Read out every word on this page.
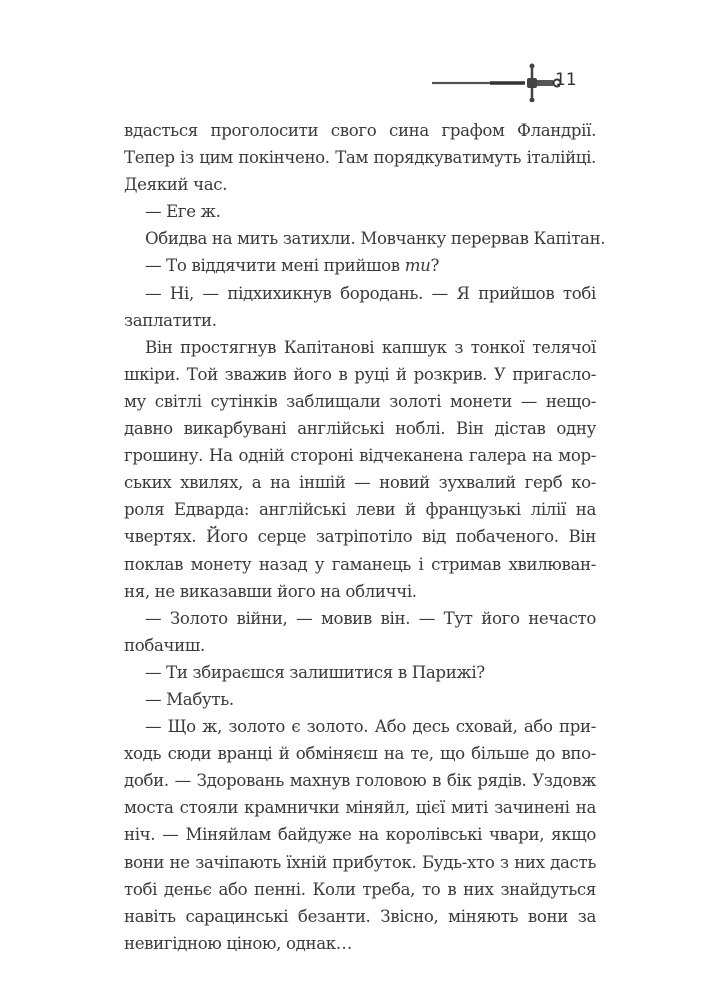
11
вдасться проголосити свого сина графом Фландрії.
Тепер із цим покінчено. Там порядкуватимуть італійці.
Деякий час.
— Еге ж.
Обидва на мить затихли. Мовчанку перервав Капітан.
— То віддячити мені прийшов ти?
— Ні, — підхихикнув бородань. — Я прийшов тобі
заплатити.
Він простягнув Капітанові капшук з тонкої телячої
шкіри. Той зважив його в руці й розкрив. У пригасло-
му світлі сутінків заблищали золоті монети — нещо-
давно викарбувані англійські ноблі. Він дістав одну
грошину. На одній стороні відчеканена галера на мор-
ських хвилях, а на іншій — новий зухвалий герб ко-
роля Едварда: англійські леви й французькі лілії на
чвертях. Його серце затріпотіло від побаченого. Він
поклав монету назад у гаманець і стримав хвилюван-
ня, не виказавши його на обличчі.
— Золото війни, — мовив він. — Тут його нечасто
побачиш.
— Ти збираєшся залишитися в Парижі?
— Мабуть.
— Що ж, золото є золото. Або десь сховай, або при-
ходь сюди вранці й обміняєш на те, що більше до впо-
доби. — Здоровань махнув головою в бік рядів. Уздовж
моста стояли крамнички міняйл, цієї миті зачинені на
ніч. — Міняйлам байдуже на королівські чвари, якщо
вони не зачіпають їхній прибуток. Будь-хто з них дасть
тобі деньє або пенні. Коли треба, то в них знайдуться
навіть сарацинські безанти. Звісно, міняють вони за
невигідною ціною, однак…
